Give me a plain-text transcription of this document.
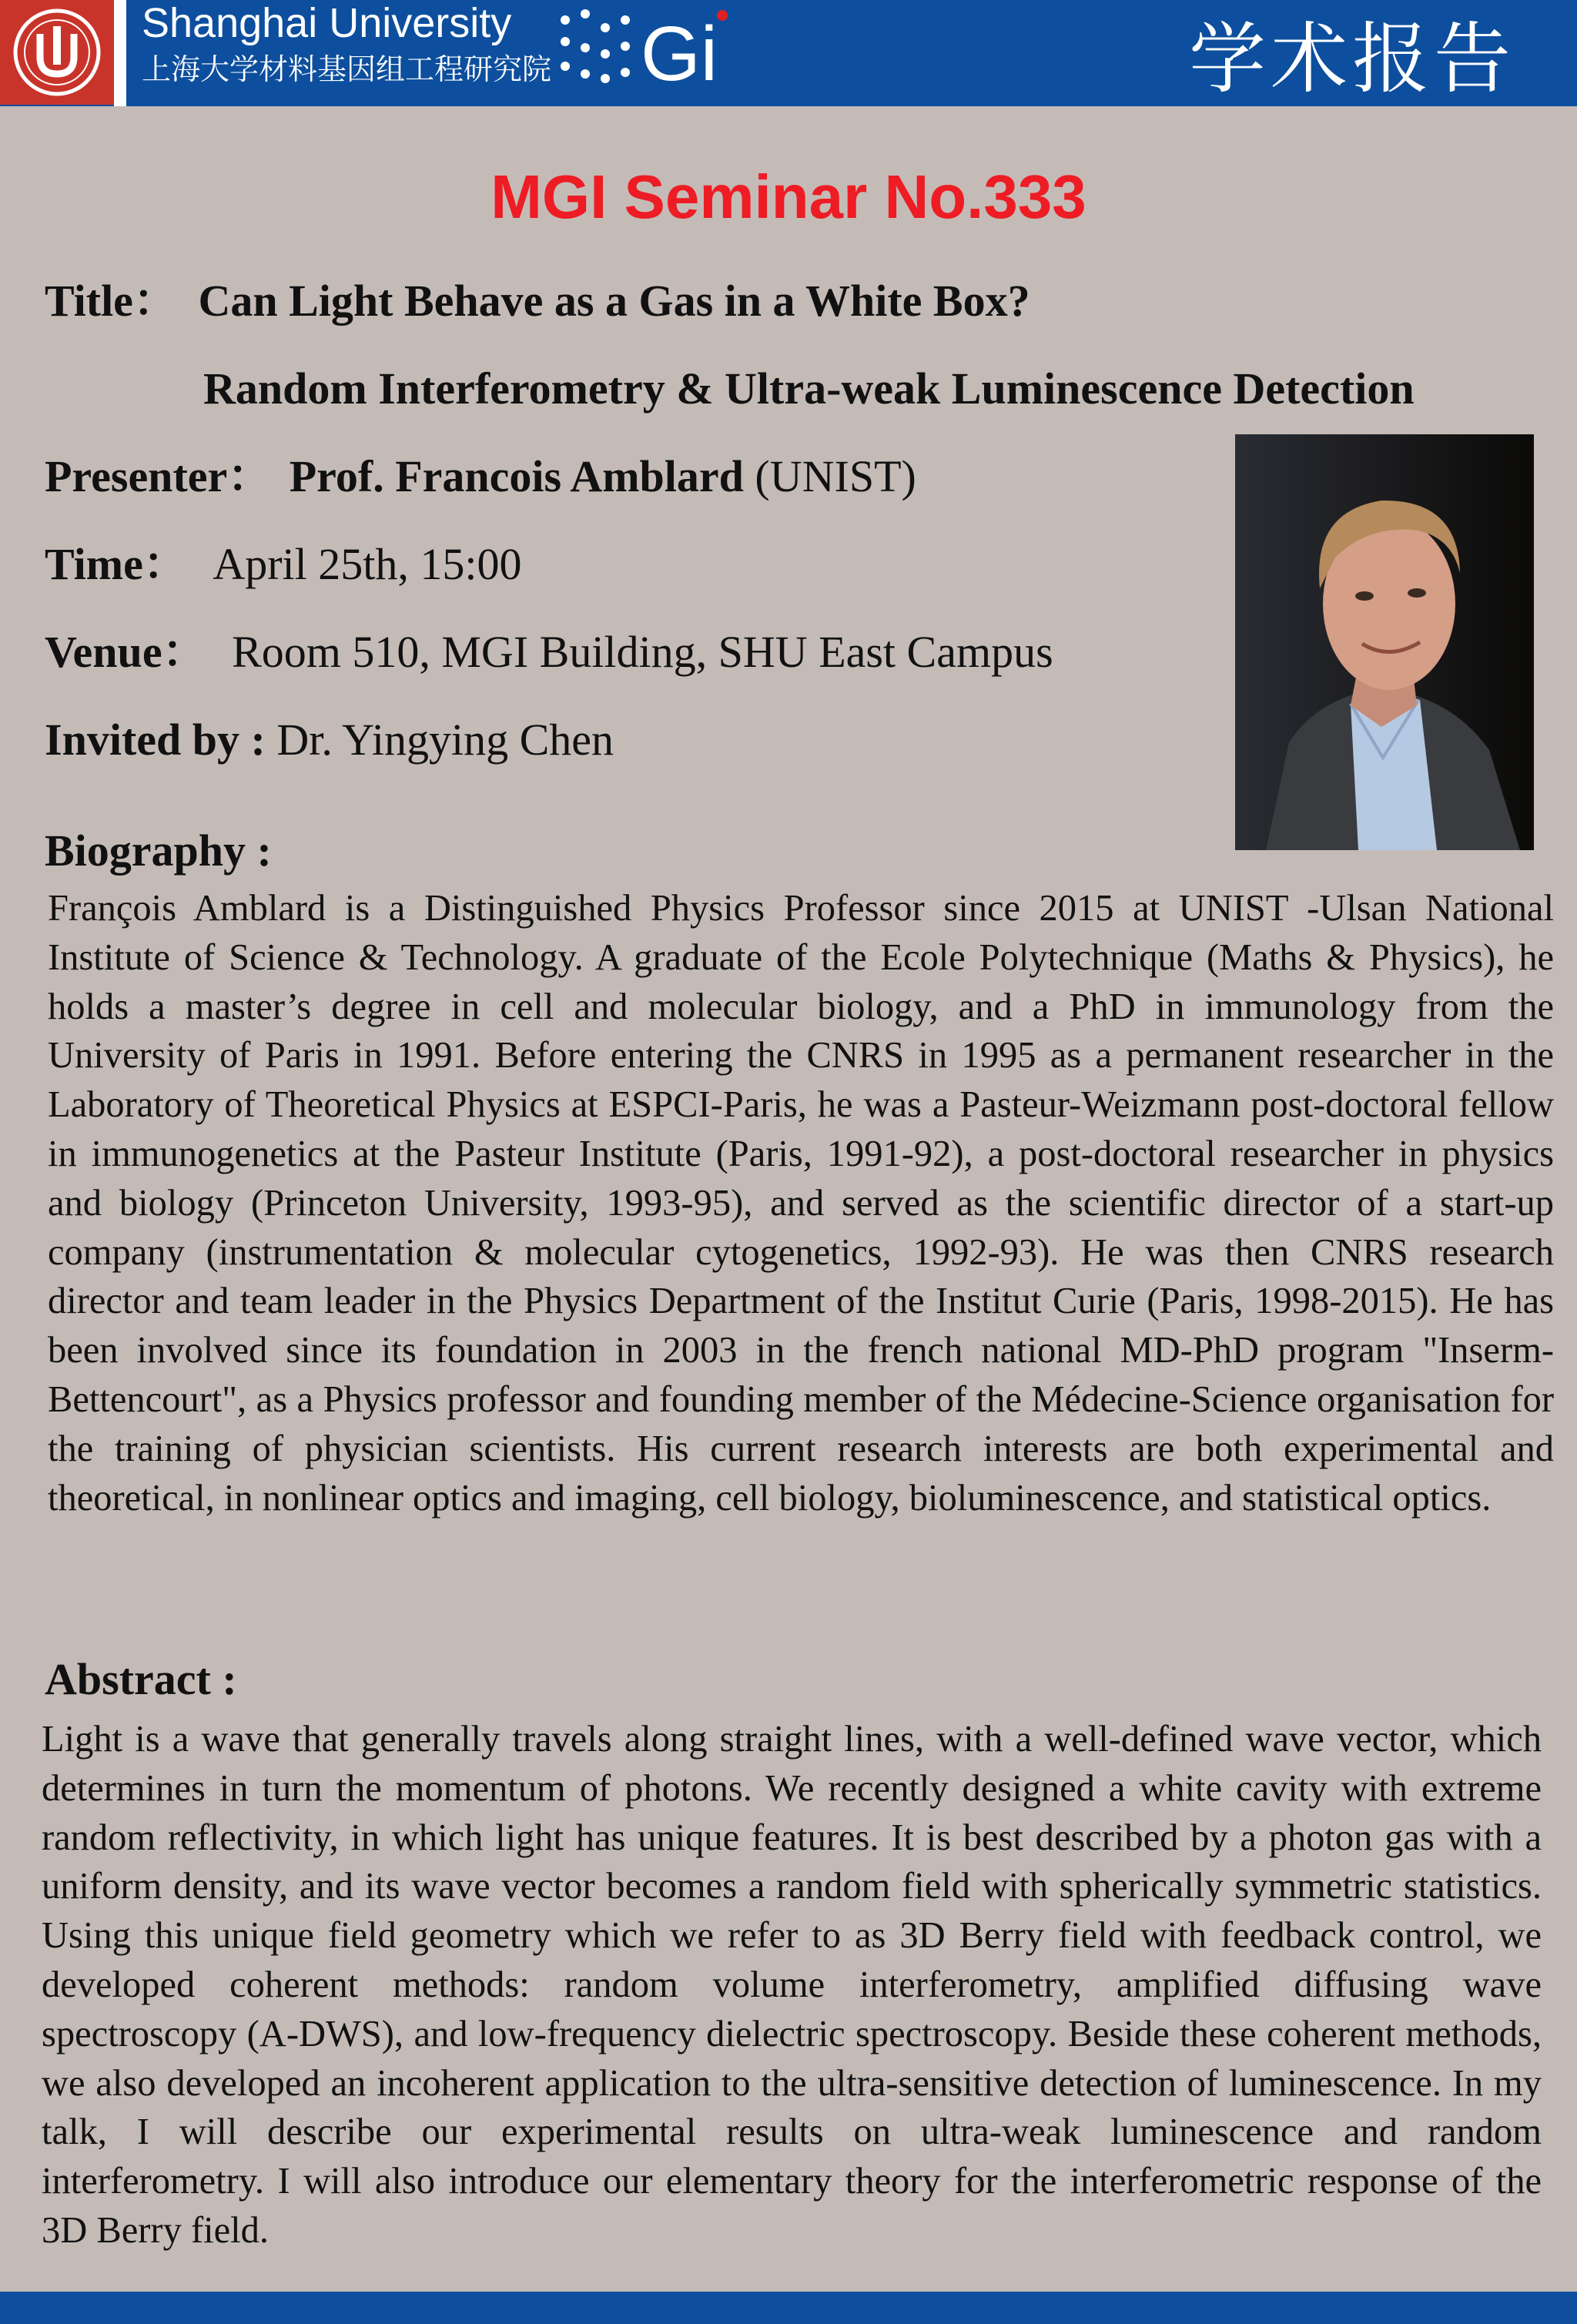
Shanghai University
上海大学材料基因组工程研究院 Gi	学术报告
MGI Seminar No.333
Title： Can Light Behave as a Gas in a White Box?
Random Interferometry & Ultra-weak Luminescence Detection
Presenter： Prof. Francois Amblard (UNIST)
Time： April 25th, 15:00
Venue： Room 510, MGI Building, SHU East Campus
Invited by : Dr. Yingying Chen
Biography :
François Amblard is a Distinguished Physics Professor since 2015 at UNIST -Ulsan National Institute of Science & Technology. A graduate of the Ecole Polytechnique (Maths & Physics), he holds a master’s degree in cell and molecular biology, and a PhD in immunology from the University of Paris in 1991. Before entering the CNRS in 1995 as a permanent researcher in the Laboratory of Theoretical Physics at ESPCI-Paris, he was a Pasteur-Weizmann post-doctoral fellow in immunogenetics at the Pasteur Institute (Paris, 1991-92), a post-doctoral researcher in physics and biology (Princeton University, 1993-95), and served as the scientific director of a start-up company (instrumentation & molecular cytogenetics, 1992-93). He was then CNRS research director and team leader in the Physics Department of the Institut Curie (Paris, 1998-2015). He has been involved since its foundation in 2003 in the french national MD-PhD program "Inserm-Bettencourt", as a Physics professor and founding member of the Médecine-Science organisation for the training of physician scientists. His current research interests are both experimental and theoretical, in nonlinear optics and imaging, cell biology, bioluminescence, and statistical optics.
Abstract :
Light is a wave that generally travels along straight lines, with a well-defined wave vector, which determines in turn the momentum of photons. We recently designed a white cavity with extreme random reflectivity, in which light has unique features. It is best described by a photon gas with a uniform density, and its wave vector becomes a random field with spherically symmetric statistics. Using this unique field geometry which we refer to as 3D Berry field with feedback control, we developed coherent methods: random volume interferometry, amplified diffusing wave spectroscopy (A-DWS), and low-frequency dielectric spectroscopy. Beside these coherent methods, we also developed an incoherent application to the ultra-sensitive detection of luminescence. In my talk, I will describe our experimental results on ultra-weak luminescence and random interferometry. I will also introduce our elementary theory for the interferometric response of the 3D Berry field.
